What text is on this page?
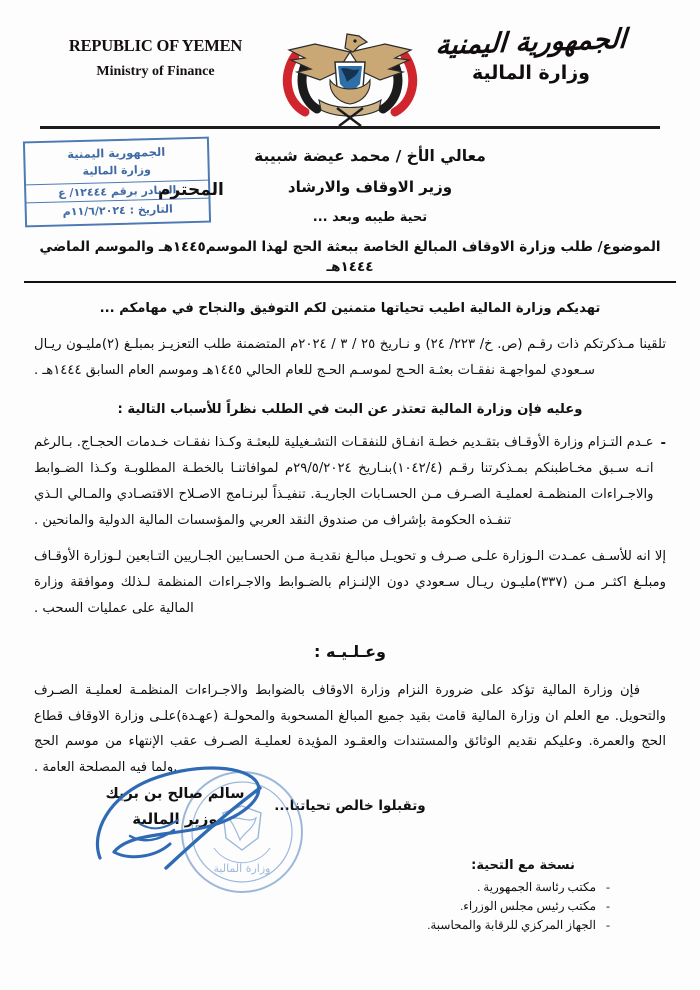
REPUBLIC OF YEMEN
Ministry of Finance
الجمهورية اليمنية
وزارة المالية
الجمهورية اليمنية
وزارة المالية
الصادر برقم ١٢٤٤٤/ ع
التاريخ : ١١/٦/٢٠٢٤م
المحترم
معالي الأخ / محمد عيضة شبيبة
وزير الاوقاف والارشاد
تحية طيبه وبعد ...
الموضوع/ طلب وزارة الاوقاف المبالغ الخاصة ببعثة الحج لهذا الموسم١٤٤٥هـ والموسم الماضي ١٤٤٤هـ
تهديكم وزارة المالية اطيب تحياتها متمنين لكم التوفيق والنجاح في مهامكم ...
تلقينا مـذكرتكم ذات رقـم (ص. خ/ ٢٢٣/ ٢٤) و نـاريخ ٢٥ / ٣ / ٢٠٢٤م المتضمنة طلب التعزيـز بمبلـغ (٢)مليـون ريـال سـعودي لمواجهـة نفقـات بعثـة الحـج لموسـم الحـج للعام الحالي ١٤٤٥هـ وموسم العام السابق ١٤٤٤هـ .
وعليه فإن وزارة المالية تعتذر عن البت في الطلب نظراً للأسباب التالية :
-
عـدم التـزام وزارة الأوقـاف بتقـديم خطـة انفـاق للنفقـات التشـغيلية للبعثـة وكـذا نفقـات خـدمات الحجـاج. بـالرغم انـه سـبق مخـاطبنكم بمـذكرتنا رقـم (١٠٤٢/٤)بنـاريخ ٢٩/٥/٢٠٢٤م لموافاتنـا بالخطـة المطلوبـة وكـذا الضـوابط والاجـراءات المنظمـة لعمليـة الصـرف مـن الحسـابات الجاريـة. تنفيـذاً لبرنـامج الاصـلاح الاقتصـادي والمـالي الـذي تنفـذه الحكومة بإشراف من صندوق النقد العربي والمؤسسات المالية الدولية والمانحين .
إلا انه للأسـف عمـدت الـوزارة علـى صـرف و تحويـل مبالـغ نقديـة مـن الحسـابين الجـاريين التـابعين لـوزارة الأوقـاف ومبلـغ اكثـر مـن (٣٣٧)مليـون ريـال سـعودي دون الإلنـزام بالضـوابط والاجـراءات المنظمة لـذلك وموافقة وزارة المالية على عمليات السحب .
وعـلـيـه :
فإن وزارة المالية تؤكد على ضرورة النزام وزارة الاوقاف بالضوابط والاجـراءات المنظمـة لعمليـة الصـرف والتحويل. مع العلم ان وزارة المالية قامت بقيد جميع المبالغ المسحوبة والمحولـة (عهـدة)علـى وزارة الاوقاف قطاع الحج والعمرة. وعليكم نقديم الوثائق والمستندات والعقـود المؤيدة لعمليـة الصـرف عقب الإنتهاء من موسم الحج .ولما فيه المصلحة العامة .
وتقبلوا خالص تحياتنا...
وزارة المالية
سالم صالح بن بريك
وزير المالية
نسخة مع التحية:
-
مكتب رئاسة الجمهورية .
-
مكتب رئيس مجلس الوزراء.
-
الجهاز المركزي للرقابة والمحاسبة.
